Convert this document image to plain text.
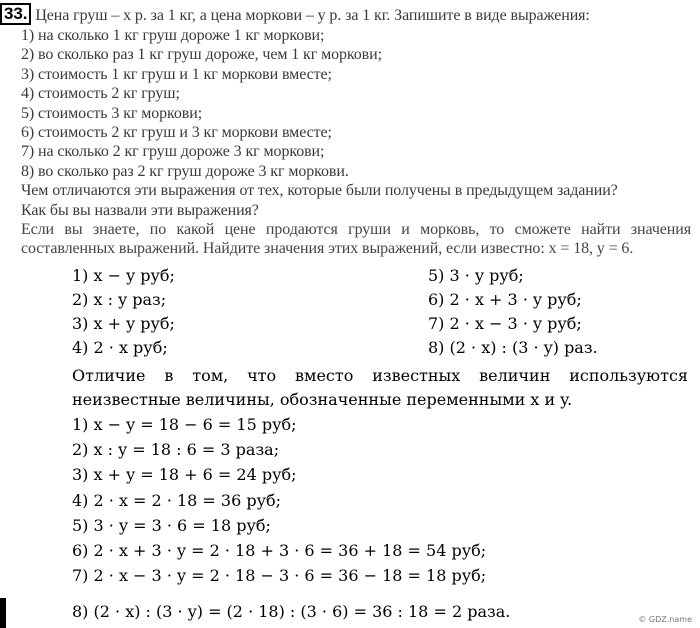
33. Цена груш – x р. за 1 кг, а цена моркови – y р. за 1 кг. Запишите в виде выражения:
1) на сколько 1 кг груш дороже 1 кг моркови;
2) во сколько раз 1 кг груш дороже, чем 1 кг моркови;
3) стоимость 1 кг груш и 1 кг моркови вместе;
4) стоимость 2 кг груш;
5) стоимость 3 кг моркови;
6) стоимость 2 кг груш и 3 кг моркови вместе;
7) на сколько 2 кг груш дороже 3 кг моркови;
8) во сколько раз 2 кг груш дороже 3 кг моркови.
Чем отличаются эти выражения от тех, которые были получены в предыдущем задании?
Как бы вы назвали эти выражения?
Если вы знаете, по какой цене продаются груши и морковь, то сможете найти значения
составленных выражений. Найдите значения этих выражений, если известно: x = 18, y = 6.
1) x − y руб;	5) 3 · y руб;
2) x : y раз;	6) 2 · x + 3 · y руб;
3) x + y руб;	7) 2 · x − 3 · y руб;
4) 2 · x руб;	8) (2 · x) : (3 · y) раз.
Отличие в том, что вместо известных величин используются
неизвестные величины, обозначенные переменными x и y.
1) x − y = 18 − 6 = 15 руб;
2) x : y = 18 : 6 = 3 раза;
3) x + y = 18 + 6 = 24 руб;
4) 2 · x = 2 · 18 = 36 руб;
5) 3 · y = 3 · 6 = 18 руб;
6) 2 · x + 3 · y = 2 · 18 + 3 · 6 = 36 + 18 = 54 руб;
7) 2 · x − 3 · y = 2 · 18 − 3 · 6 = 36 − 18 = 18 руб;
8) (2 · x) : (3 · y) = (2 · 18) : (3 · 6) = 36 : 18 = 2 раза.	© GDZ.name
